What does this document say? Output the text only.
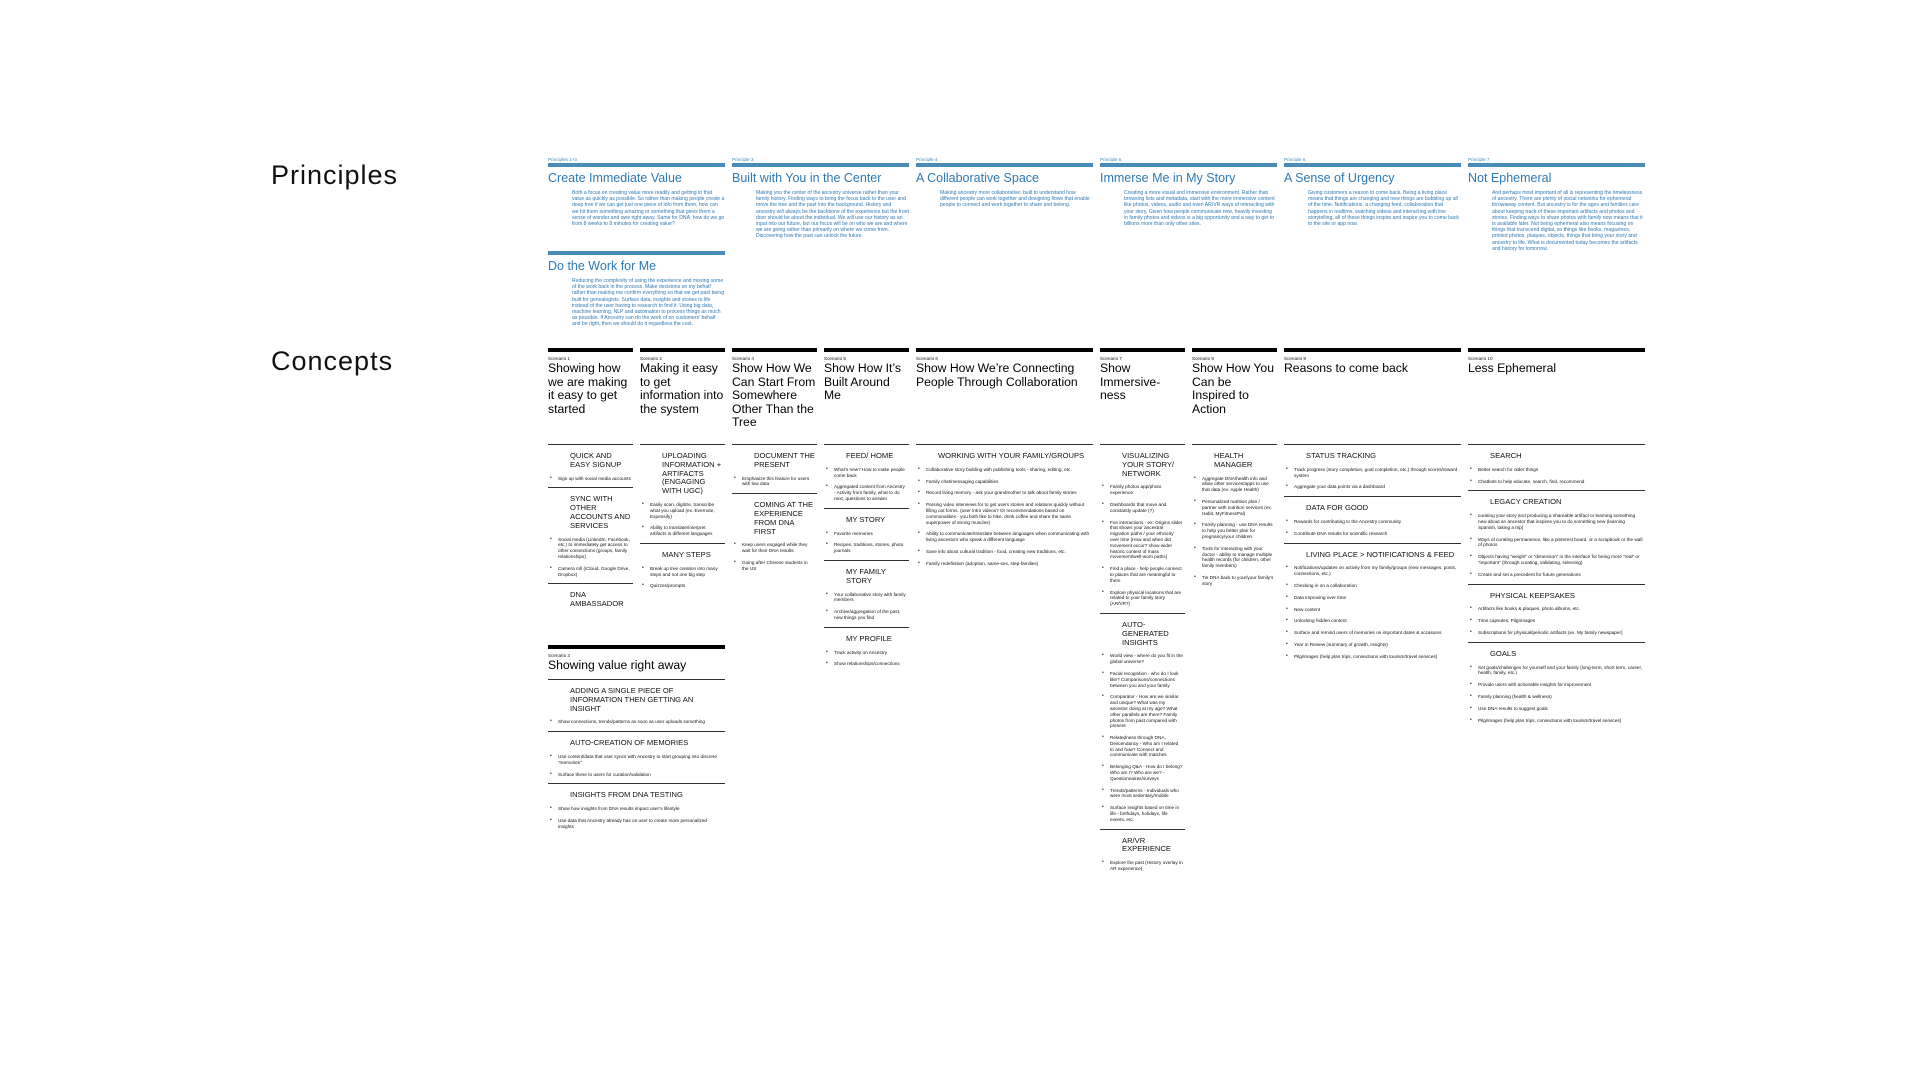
Principles
Concepts
Principles 1+3
Create Immediate Value
Both a focus on creating value more readily and getting to that value as quickly as possible. So rather than making people create a deep tree if we can get just one piece of info from them, how can we hit them something amazing or something that gives them a sense of wonder and awe right away. Same for DNA: how do we go from 8 weeks to 8 minutes for creating value?
Principle 3
Built with You in the Center
Making you the center of the ancestry universe rather than your family history. Finding ways to bring the focus back to the user and move the tree and the past into the background. History and ancestry will always be the backbone of the experience but the front door should be about the individual. We will use our history as an input into our future, but our focus will be on who we are and where we are going rather than primarily on where we come from. Discovering how the past can unlock the future.
Principle 4
A Collaborative Space
Making ancestry more collaborative; built to understand how different people can work together and designing flows that enable people to connect and work together to share and belong.
Principle 5
Immerse Me in My Story
Creating a more visual and immersive environment. Rather than browsing lists and metadata, start with the more immersive content like photos, videos, audio and even AR/VR ways of interacting with your story. Given how people communicate now, heavily investing in family photos and videos is a big opportunity and a way to get to billions more than only other sites.
Principle 6
A Sense of Urgency
Giving customers a reason to come back. Being a living place means that things are changing and new things are bubbling up all of the time. Notifications, a changing feed, collaboration that happens in realtime, watching videos and interacting with live storytelling, all of these things inspire and inspire you to come back to the site or app now.
Principle 7
Not Ephemeral
And perhaps most important of all is representing the timelessness of ancestry. There are plenty of social networks for ephemeral throwaway content. But ancestry is for the ages and families care about keeping track of these important artifacts and photos and stories. Finding ways to share photos with family now means that it is available later. Not being ephemeral also means focusing on things that transcend digital, so things like books, magazines, printed photos, plaques, objects, things that bring your story and ancestry to life. What is documented today becomes the artifacts and history for tomorrow.
Do the Work for Me
Reducing the complexity of using the experience and moving some of the work back in the process. Make decisions on my behalf rather than making me confirm everything so that we get past being built for genealogists. Surface data, insights and stories to life instead of the user having to research to find it. Using big data, machine learning, NLP and automation to process things as much as possible. If Ancestry can do the work of on customers' behalf and be right, then we should do it regardless the cost.
Scenario 1
Showing how we are making it easy to get started
QUICK AND EASY SIGNUP
• Sign up with social media accounts
SYNC WITH OTHER ACCOUNTS AND SERVICES
• Social media (LinkedIn, Facebook, etc.) to immediately get access to other connections (groups, family relationships)
• Camera roll (iCloud, Google Drive, Dropbox)
DNA AMBASSADOR
Scenario 2
Making it easy to get information into the system
UPLOADING INFORMATION + ARTIFACTS (ENGAGING WITH UGC)
• Easily scan, digitize, transcribe what you upload (ex. Evernote, Expensify)
• Ability to translate/interpret artifacts in different languages
MANY STEPS
• Break up tree creation into many steps and not one big step
• Quizzes/prompts
Scenario 4
Show How We Can Start From Somewhere Other Than the Tree
DOCUMENT THE PRESENT
• Emphasize this feature for users with low data
COMING AT THE EXPERIENCE FROM DNA FIRST
• Keep users engaged while they wait for their DNA results
• Going after Chinese students in the US
Scenario 5
Show How It’s Built Around Me
FEED/ HOME
• What’s new? How to make people come back
• Aggregated content from Ancestry - Activity from family, what to do next, questions to answer
MY STORY
• Favorite memories
• Recipes, traditions, stories, photo journals
MY FAMILY STORY
• Your collaborative story with family members
• Archive/aggregation of the past, new things you find
MY PROFILE
• Track activity on Ancestry
• Show relationships/connections
Scenario 6
Show How We’re Connecting People Through Collaboration
WORKING WITH YOUR FAMILY/GROUPS
• Collaborative story building with publishing tools - sharing, editing, etc.
• Family chat/messaging capabilities
• Record living memory - ask your grandmother to talk about family stories
• Parsing video interviews for to get users stories and relations quickly without filling out forms. (user intro videos? Or recommendations based on commonalities - you both like to hike, drink coffee and share the same superpower of strong muscles)
• Ability to communicate/translate between languages when communicating with living ancestors who speak a different language
• Save info about cultural tradition - food, creating new traditions, etc.
• Family redefinition (adoption, same-sex, step-families)
Scenario 7
Show Immersive-ness
VISUALIZING YOUR STORY/ NETWORK
• Family photos app/photo experience
• Dashboards that move and constantly update (?)
• Fun interactions - ex: Origins slider that shows your ancestral migration paths / your ethnicity over time (How and when did movement occur? show wider historic context of mass movement/well-worn paths)
• Find a place - help people connect to places that are meaningful to them
• Explore physical locations that are related to your family story (AR/VR?)
AUTO-GENERATED INSIGHTS
• World view - where do you fit in the global universe?
• Facial recognition - who do I look like? Comparisons/connections between you and your family
• Comparator - How are we similar and unique? What was my ancestor doing at my age? What other parallels are there? Family photos from past compared with present
• Relatedness through DNA, Descendancy - Who am I related to and how? Connect and communicate with matches
• Belonging Q&A - How do I belong? Who am I? Who are we? - Questionnaires/surveys
• Trends/patterns - Individuals who were most sedentary/mobile
• Surface insights based on time in life - birthdays, holidays, life events, etc.
AR/VR EXPERIENCE
• Explore the past (History overlay in AR experience)
Scenario 8
Show How You Can be Inspired to Action
HEALTH MANAGER
• Aggregate DNA/health info and allow other services/apps to use that data (ex. Apple Health)
• Personalized nutrition plan / partner with nutrition services (ex. Habit, MyFitnessPal)
• Family planning - use DNA results to help you better plan for pregnancy/your children
• Tools for interacting with your doctor - ability to manage multiple health records (for children, other family members)
• Tie DNA back to your/your family’s story
Scenario 9
Reasons to come back
STATUS TRACKING
• Track progress (story completion, goal completion, etc.) through scores/reward system
• Aggregate your data points via a dashboard
DATA FOR GOOD
• Rewards for contributing to the Ancestry community
• Contribute DNA results for scientific research
LIVING PLACE > NOTIFICATIONS & FEED
• Notifications/updates on activity from my family/groups (new messages, posts, connections, etc.)
• Checking in on a collaboration
• Data improving over time
• New content
• Unlocking hidden content
• Surface and remind users of memories on important dates & occasions
• Year in Review (summary of growth, insights)
• Pilgrimages (help plan trips, connections with tourism/travel services)
Scenario 10
Less Ephemeral
SEARCH
• Better search for older things
• Chatbots to help educate, search, find, recommend
LEGACY CREATION
• curating your story and producing a shareable artifact or learning something new about an ancestor that inspires you to do something new (learning Spanish, taking a trip)
• Ways of curating permanence, like a pinterest board, or a scrapbook or the wall of photos
• Objects having “weight” or “dimension” in the interface for being more “real” or “important” (through curating, validating, selecting)
• Create and set a precedent for future generations
PHYSICAL KEEPSAKES
• Artifacts like books & plaques, photo albums, etc.
• Time capsules, Pilgrimages
• Subscriptions for physical/periodic artifacts (ex. My family newspaper)
GOALS
• Set goals/challenges for yourself and your family (long-term, short term, career, health, family, etc.)
• Provide users with actionable insights for improvement
• Family planning (health & wellness)
• Use DNA results to suggest goals
• Pilgrimages (help plan trips, connections with tourism/travel services)
Scenario 3
Showing value right away
ADDING A SINGLE PIECE OF INFORMATION THEN GETTING AN INSIGHT
• Show connections, trends/patterns as soon as user uploads something
AUTO-CREATION OF MEMORIES
• Use content/data that user syncs with Ancestry to start grouping into discrete “memories”
• Surface these to users for curation/validation
INSIGHTS FROM DNA TESTING
• Show how insights from DNA results impact user’s lifestyle
• Use data that Ancestry already has on user to create more personalized insights
